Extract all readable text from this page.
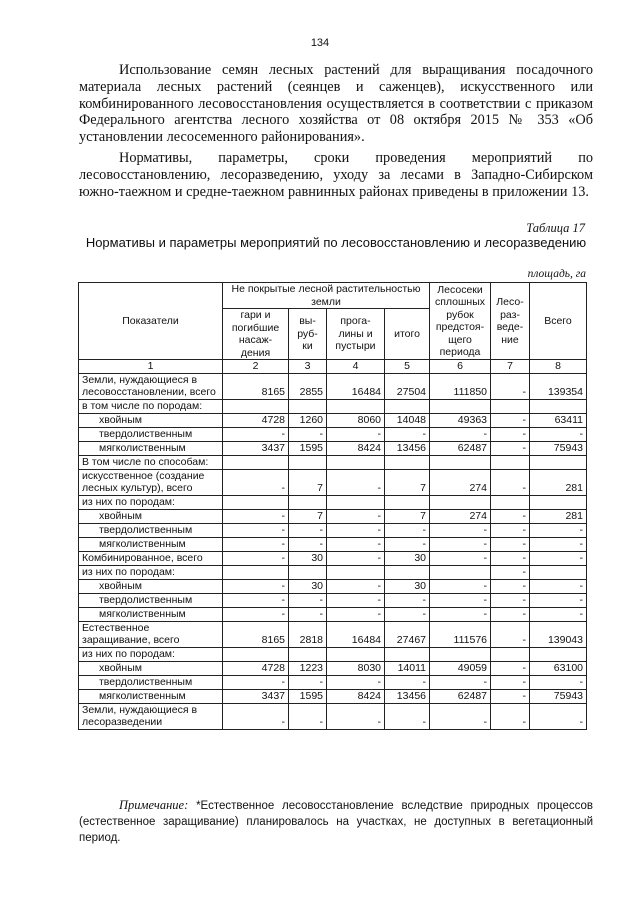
134

Использование семян лесных растений для выращивания посадочного материала лесных растений (сеянцев и саженцев), искусственного или комбинированного лесовосстановления осуществляется в соответствии с приказом Федерального агентства лесного хозяйства от 08 октября 2015 № 353 «Об установлении лесосеменного районирования».

Нормативы, параметры, сроки проведения мероприятий по лесовосстановлению, лесоразведению, уходу за лесами в Западно-Сибирском южно-таежном и средне-таежном равнинных районах приведены в приложении 13.

Таблица 17
Нормативы и параметры мероприятий по лесовосстановлению и лесоразведению
площадь, га
Показатели	Не покрытые лесной растительностью земли				Лесосеки сплошных рубок предстоя-щего периода	Лесо-раз-веде-ние	Всего
	гари и погибшие насаж-дения	вы-руб-ки	прога-лины и пустыри	итого			
1	2	3	4	5	6	7	8
Земли, нуждающиеся в лесовосстановлении, всего	8165	2855	16484	27504	111850	-	139354
в том числе по породам:							
хвойным	4728	1260	8060	14048	49363	-	63411
твердолиственным	-	-	-	-	-	-	-
мягколиственным	3437	1595	8424	13456	62487	-	75943
В том числе по способам:							
искусственное (создание лесных культур), всего	-	7	-	7	274	-	281
из них по породам:							
хвойным	-	7	-	7	274	-	281
твердолиственным	-	-	-	-	-	-	-
мягколиственным	-	-	-	-	-	-	-
Комбинированное, всего	-	30	-	30	-	-	-
из них по породам:						-	
хвойным	-	30	-	30	-	-	-
твердолиственным	-	-	-	-	-	-	-
мягколиственным	-	-	-	-	-	-	-
Естественное заращивание, всего	8165	2818	16484	27467	111576	-	139043
из них по породам:							
хвойным	4728	1223	8030	14011	49059	-	63100
твердолиственным	-	-	-	-	-	-	-
мягколиственным	3437	1595	8424	13456	62487	-	75943
Земли, нуждающиеся в лесоразведении	-	-	-	-	-	-	-

Примечание: *Естественное лесовосстановление вследствие природных процессов (естественное заращивание) планировалось на участках, не доступных в вегетационный период.
